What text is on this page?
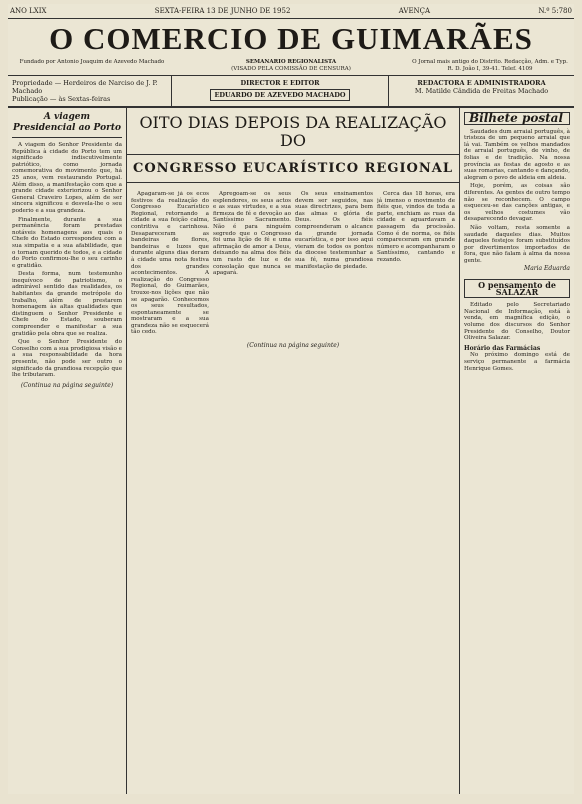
ANO LXIX	SEXTA-FEIRA 13 DE JUNHO DE 1952	AVENÇA	N.º 5:780
O COMERCIO DE GUIMARÃES
Fundado por Antonio Joaquim de Azevedo Machado	SEMANARIO REGIONALISTA
(VISADO PELA COMISSÃO DE CENSURA)
O Jornal mais antigo do Distrito. Redacção, Adm. e Typ. R. D. João I, 39-41. Telef. 4109
Propriedade — Herdeiros de Narciso de J. P. Machado
Publicação — às Sextas-feiras
DIRECTOR E EDITOR
EDUARDO DE AZEVEDO MACHADO
REDACTORA E ADMINISTRADORA
M. Matilde Cândida de Freitas Machado
A viagem Presidencial ao Porto

A viagem do Senhor Presidente da República à cidade do Porto tem um significado indiscutivelmente patriótico, como jornada comemorativa do movimento que, há 25 anos, vem restaurando Portugal. Além disso, a manifestação com que a grande cidade exteriorizou o Senhor General Craveiro Lopes, além de ser sincera significou e desvela-lhe o seu poderio e a sua grandeza.

Finalmente, durante a sua permanência foram prestadas notáveis homenagens aos quais o Chefe do Estado correspondeu com a sua simpatia e a sua afabilidade, que o tornam querido de todos, e a cidade do Porto confirmou-lhe o seu carinho e gratidão.

Desta forma, num testemunho inequívoco de patriotismo, o admirável sentido das realidades, os habitantes da grande metrópole do trabalho, além de prestarem homenagem às altas qualidades que distinguem o Senhor Presidente e Chefe do Estado, souberam compreender e manifestar a sua gratidão pela obra que se realiza.

Que o Senhor Presidente do Conselho com a sua prodigiosa visão e a sua responsabilidade da hora presente, não pode ser outro o significado da grandiosa recepção que lhe tributaram.

(Continua na página seguinte)
OITO DIAS DEPOIS DA REALIZAÇÃO DO
CONGRESSO EUCARÍSTICO REGIONAL

Apagaram-se já os ecos festivos da realização do Congresso Eucarístico Regional, retornando a cidade a sua feição calma, contritiva e carinhosa. Desapareceram as bandeiras de flores, bandeiras e luzes que durante alguns dias deram à cidade uma nota festiva dos grandes acontecimentos. A realização do Congresso Regional, do Guimarães, trouxe-nos lições que não se apagarão. Conhecemos os seus resultados, espontaneamente se mostraram e a sua grandeza não se esquecerá tão cedo.

Apregoam-se os seus esplendores, os seus actos e as suas virtudes, e a sua firmeza de fé e devoção ao Santíssimo Sacramento. Não é para ninguém segredo que o Congresso foi uma lição de fé e uma afirmação de amor a Deus, deixando na alma dos fiéis um rasto de luz e de consolação que nunca se apagará.

Os seus ensinamentos devem ser seguidos, nas suas directrizes, para bem das almas e glória de Deus. Os fiéis compreenderam o alcance da grande jornada eucarística, e por isso aqui vieram de todos os pontos da diocese testemunhar a sua fé, numa grandiosa manifestação de piedade.

Cerca das 18 horas, era já imenso o movimento de fiéis que, vindos de toda a parte, enchiam as ruas da cidade e aguardavam a passagem da procissão. Como é de norma, os fiéis compareceram em grande número e acompanharam o Santíssimo, cantando e rezando.

(Continua na página seguinte)
Bilhete postal

Saudades dum arraial português, à tristeza de um pequeno arraial que lá vai. Também os velhos mandados de arraial português, de vinho, de folias e de tradição. Na nossa província as festas de agosto e as suas romarias, cantando e dançando, alegram o povo de aldeia em aldeia.

Hoje, porém, as coisas são diferentes. As gentes de outro tempo não se reconhecem. O campo esqueceu-se das canções antigas, e os velhos costumes vão desaparecendo devagar.

Não voltam, resta somente a saudade daqueles dias. Muitos daqueles festejos foram substituídos por divertimentos importados de fora, que não falam à alma da nossa gente.

Maria Eduarda
O pensamento de SALAZAR

Editado pelo Secretariado Nacional de Informação, está à venda, em magnífica edição, o volume dos discursos do Senhor Presidente do Conselho, Doutor Oliveira Salazar.

Horário das Farmácias

No próximo domingo está de serviço permanente a farmácia Henrique Gomes.
